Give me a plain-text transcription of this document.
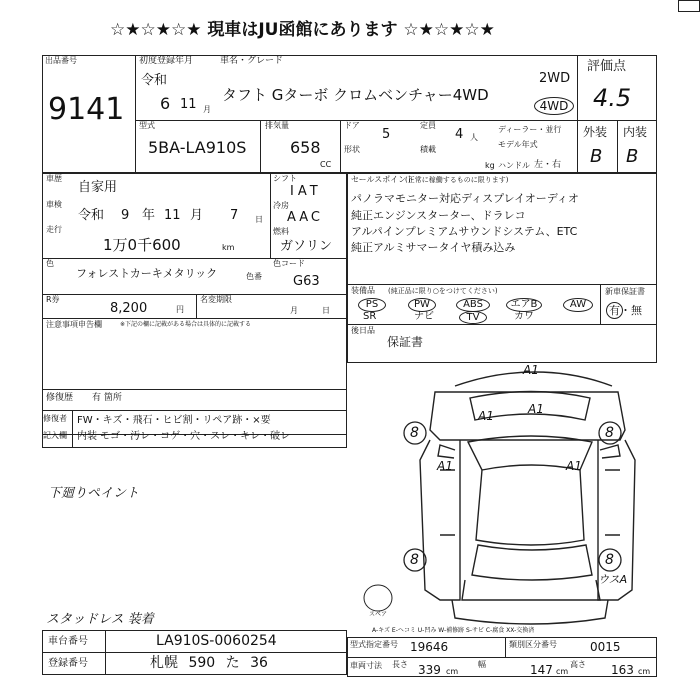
☆★☆★☆★ 現車はJU函館にあります ☆★☆★☆★
出品番号
9141
初度登録年月	車名・グレード
令和
6 11 月
タフト Gターボ クロムベンチャー4WD
2WD
4WD
型式
5BA-LA910S
排気量
658
CC
ドア
5
定員
4 人
形状	積載
kg
ディーラー・並行
モデル年式
ハンドル 左・右
評価点
4.5
外装 内装
B B
車歴
自家用
車検
令和 9 年 11 月 7 日
走行
1万0千600	km
シフト
IAT
冷房
AAC
燃料
ガソリン
色
フォレストカーキメタリック
色コード
色番 G63
R券
8,200	円
名変期限
月	日
注意事項申告欄	※下記の欄に記載がある場合は具体的に記載する
修復歴 有 箇所
セールスポイント
(正常に稼働するものに限ります)
パノラマモニター対応ディスプレイオーディオ
純正エンジンスターター、ドラレコ
アルパインプレミアムサウンドシステム、ETC
純正アルミサマータイヤ積み込み
装備品 (純正品に限り○をつけてください)
PS	PW	ABS	エアB	AW
SR	ナビ	TV	カワ
新車保証書
有・無
後日品
保証書
修復者
記入欄
FW・キズ・飛石・ヒビ割・リペア跡・×要
内装 モゴ・汚レ・コゲ・穴・スレ・キレ・破レ
A1
A1	A1
A1	A1
8	8
8	8
ウスA
スペア
下廻りペイント
スタッドレス 装着
車台番号	LA910S-0060254
登録番号	札幌 590 た 36
A-キズ E-ヘコミ U-凹み W-補修跡 S-サビ C-腐食 XX-交換済
型式指定番号 19646	類別区分番号	0015
車両寸法 長さ 339 cm
幅	147 cm
高さ 163 cm
